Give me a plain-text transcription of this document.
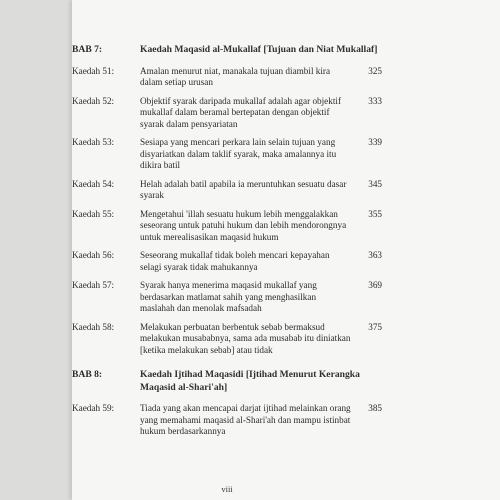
BAB 7:	Kaedah Maqasid al-Mukallaf [Tujuan dan Niat Mukallaf]
Kaedah 51:	Amalan menurut niat, manakala tujuan diambil kira dalam setiap urusan
325
Kaedah 52:	Objektif syarak daripada mukallaf adalah agar objektif mukallaf dalam beramal bertepatan dengan objektif syarak dalam pensyariatan
333
Kaedah 53:	Sesiapa yang mencari perkara lain selain tujuan yang disyariatkan dalam taklif syarak, maka amalannya itu dikira batil
339
Kaedah 54:	Helah adalah batil apabila ia meruntuhkan sesuatu dasar syarak
345
Kaedah 55:	Mengetahui 'illah sesuatu hukum lebih menggalakkan seseorang untuk patuhi hukum dan lebih mendorongnya untuk merealisasikan maqasid hukum
355
Kaedah 56:	Seseorang mukallaf tidak boleh mencari kepayahan selagi syarak tidak mahukannya
363
Kaedah 57:	Syarak hanya menerima maqasid mukallaf yang berdasarkan matlamat sahih yang menghasilkan maslahah dan menolak mafsadah
369
Kaedah 58:	Melakukan perbuatan berbentuk sebab bermaksud melakukan musababnya, sama ada musabab itu diniatkan [ketika melakukan sebab] atau tidak
375
BAB 8:	Kaedah Ijtihad Maqasidi [Ijtihad Menurut Kerangka Maqasid al-Shari'ah]
Kaedah 59:	Tiada yang akan mencapai darjat ijtihad melainkan orang yang memahami maqasid al-Shari'ah dan mampu istinbat hukum berdasarkannya
385
viii
